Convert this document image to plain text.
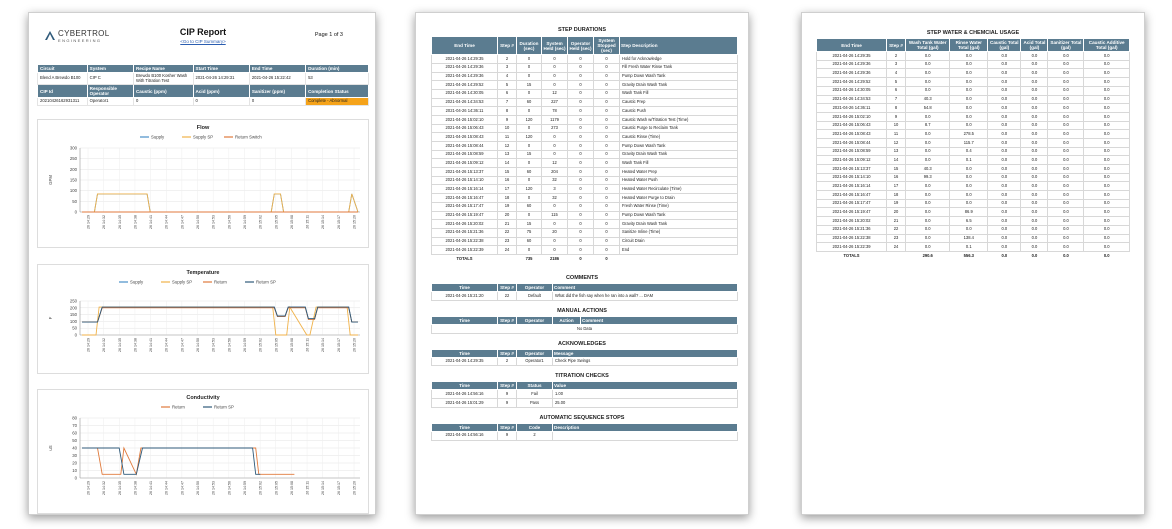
CYBERTROL
ENGINEERING
CIP Report
<Go to CIP Summary>
Page 1 of 3
Circuit	System	Recipe Name	Start Time	End Time	Duration (min)
Blend A Brewdo B100	CIP C	Brewdo B100 Kosher Wash With Titration Test	2021-04-26 14:29:31	2021-04-26 15:22:42	53
CIP Id	Responsible Operator	Caustic (ppm)	Acid (ppm)	Sanitizer (ppm)	Completion Status
20210426162931311	Operator1	0	0	0	Complete - Abnormal
Flow
Supply	Supply SP	Return Switch
300
250
200
150
100
50
0
26 14:29	26 14:32	26 14:35	26 14:38	26 14:41	26 14:44	26 14:47	26 14:50	26 14:53	26 14:56	26 14:59	26 15:02	26 15:05	26 15:08	26 15:11	26 15:14	26 15:17	26 15:20
GPM
Temperature
Supply	Supply SP	Return	Return SP
250
200
150
100
50
0
26 14:29	26 14:32	26 14:35	26 14:38	26 14:41	26 14:44	26 14:47	26 14:50	26 14:53	26 14:56	26 14:59	26 15:02	26 15:05	26 15:08	26 15:11	26 15:14	26 15:17	26 15:20
F
Conductivity
Return	Return SP
80
70
60
50
40
30
20
10
0
26 14:29	26 14:32	26 14:35	26 14:38	26 14:41	26 14:44	26 14:47	26 14:50	26 14:53	26 14:56	26 14:59	26 15:02	26 15:05	26 15:08	26 15:11	26 15:14	26 15:17	26 15:20
uS
STEP DURATIONS
End Time	Step #	Duration (sec)	System Held (sec)	Operator Held (sec)	System Stopped (sec)	Step Description
2021-04-26 14:29:35	2	0	0	0	0	Hold for Acknowledge
2021-04-26 14:29:36	3	0	0	0	0	Fill Fresh Water Rinse Tank
2021-04-26 14:29:36	4	0	0	0	0	Pump Down Wash Tank
2021-04-26 14:29:52	5	15	0	0	0	Gravity Drain Wash Tank
2021-04-26 14:30:05	6	0	12	0	0	Wash Tank Fill
2021-04-26 14:34:53	7	60	227	0	0	Caustic Prep
2021-04-26 14:36:11	8	0	78	0	0	Caustic Push
2021-04-26 15:02:10	9	120	1179	0	0	Caustic Wash w/Titration Test (Time)
2021-04-26 15:06:43	10	0	273	0	0	Caustic Purge to Reclaim Tank
2021-04-26 15:08:43	11	120	0	0	0	Caustic Rinse (Time)
2021-04-26 15:08:44	12	0	0	0	0	Pump Down Wash Tank
2021-04-26 15:08:59	13	15	0	0	0	Gravity Drain Wash Tank
2021-04-26 15:09:12	14	0	12	0	0	Wash Tank Fill
2021-04-26 15:13:37	15	60	204	0	0	Heated Water Prep
2021-04-26 15:14:10	16	0	32	0	0	Heated Water Push
2021-04-26 15:16:14	17	120	3	0	0	Heated Water Recirculate (Time)
2021-04-26 15:16:47	18	0	32	0	0	Heated Water Purge to Drain
2021-04-26 15:17:47	19	60	0	0	0	Fresh Water Rinse (Time)
2021-04-26 15:19:47	20	0	115	0	0	Pump Down Wash Tank
2021-04-26 15:20:02	21	15	0	0	0	Gravity Drain Wash Tank
2021-04-26 15:21:36	22	75	20	0	0	Sanitize Inline (Time)
2021-04-26 15:22:38	23	60	0	0	0	Circuit Drain
2021-04-26 15:22:39	24	0	0	0	0	End
TOTALS		735	2186	0	0	
COMMENTS
Time	Step #	Operator	Comment
2021-04-26 15:21:20	22	Default	What did the fish say when he ran into a wall? ... DAM
MANUAL ACTIONS
Time	Step #	Operator	Action	Comment
No Data
ACKNOWLEDGES
Time	Step #	Operator	Message
2021-04-26 14:29:35	2	Operator1	Check Pipe Swings
TITRATION CHECKS
Time	Step #	Status	Value
2021-04-26 14:56:16	9	Fail	1.00
2021-04-26 15:01:29	9	Pass	25.00
AUTOMATIC SEQUENCE STOPS
Time	Step #	Code	Description
2021-04-26 14:56:16	9	2	
STEP WATER & CHEMCIAL USAGE
End Time	Step #	Wash Tank Water Total (gal)	Rinse Water Total (gal)	Caustic Total (gal)	Acid Total (gal)	Sanitizer Total (gal)	Caustic Additive Total (gal)
2021-04-26 14:29:35	2	0.0	0.0	0.0	0.0	0.0	0.0
2021-04-26 14:29:36	3	0.0	0.0	0.0	0.0	0.0	0.0
2021-04-26 14:29:36	4	0.0	0.0	0.0	0.0	0.0	0.0
2021-04-26 14:29:52	5	0.0	0.0	0.0	0.0	0.0	0.0
2021-04-26 14:30:05	6	0.0	0.0	0.0	0.0	0.0	0.0
2021-04-26 14:34:53	7	40.3	0.0	0.0	0.0	0.0	0.0
2021-04-26 14:36:11	8	54.8	0.0	0.0	0.0	0.0	0.0
2021-04-26 15:02:10	9	0.0	0.0	0.0	0.0	0.0	0.0
2021-04-26 15:06:43	10	8.7	0.0	0.0	0.0	0.0	0.0
2021-04-26 15:08:43	11	0.0	278.5	0.0	0.0	0.0	0.0
2021-04-26 15:08:44	12	0.0	115.7	0.0	0.0	0.0	0.0
2021-04-26 15:08:59	13	0.0	0.4	0.0	0.0	0.0	0.0
2021-04-26 15:09:12	14	0.0	0.1	0.0	0.0	0.0	0.0
2021-04-26 15:13:37	15	40.3	0.0	0.0	0.0	0.0	0.0
2021-04-26 15:14:10	16	99.3	0.0	0.0	0.0	0.0	0.0
2021-04-26 15:16:14	17	0.0	0.0	0.0	0.0	0.0	0.0
2021-04-26 15:16:47	18	0.0	0.0	0.0	0.0	0.0	0.0
2021-04-26 15:17:47	19	0.0	0.0	0.0	0.0	0.0	0.0
2021-04-26 15:19:47	20	0.0	86.9	0.0	0.0	0.0	0.0
2021-04-26 15:20:02	21	0.0	6.5	0.0	0.0	0.0	0.0
2021-04-26 15:21:36	22	0.0	0.0	0.0	0.0	0.0	0.0
2021-04-26 15:22:38	23	0.0	138.4	0.0	0.0	0.0	0.0
2021-04-26 15:22:39	24	0.0	0.1	0.0	0.0	0.0	0.0
TOTALS		290.6	556.3	0.0	0.0	0.0	0.0
